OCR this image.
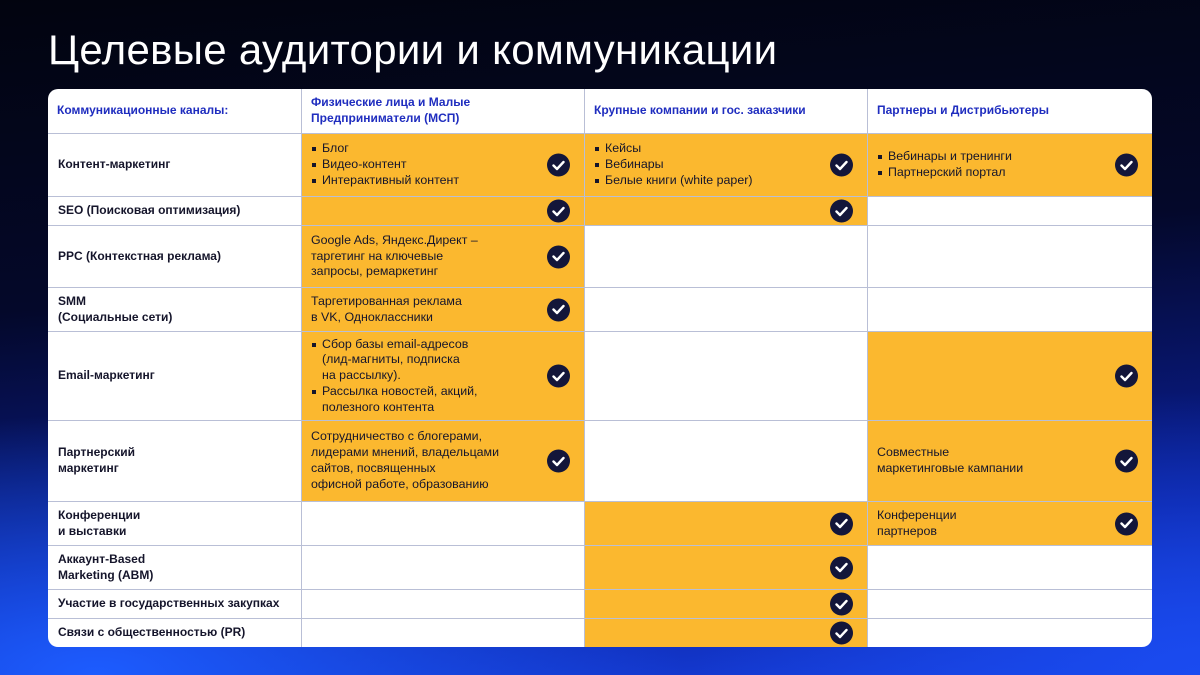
Целевые аудитории и коммуникации
Коммуникационные каналы:
Физические лица и Малые
Предприниматели (МСП)
Крупные компании и гос. заказчики	Партнеры и Дистрибьютеры
Контент-маркетинг
Блог
Видео-контент
Интерактивный контент
Кейсы
Вебинары
Белые книги (white paper)
Вебинары и тренинги
Партнерский портал
SEO (Поисковая оптимизация)
PPC (Контекстная реклама)
Google Ads, Яндекс.Директ –
таргетинг на ключевые
запросы, ремаркетинг
SMM
(Социальные сети)
Таргетированная реклама
в VK, Одноклассники
Email-маркетинг
Сбор базы email-адресов
(лид-магниты, подписка
на рассылку).
Рассылка новостей, акций,
полезного контента
Партнерский
маркетинг
Сотрудничество с блогерами,
лидерами мнений, владельцами
сайтов, посвященных
офисной работе, образованию
Совместные
маркетинговые кампании
Конференции
и выставки
Конференции
партнеров
Аккаунт-Based
Marketing (ABM)
Участие в государственных закупках
Связи с общественностью (PR)
